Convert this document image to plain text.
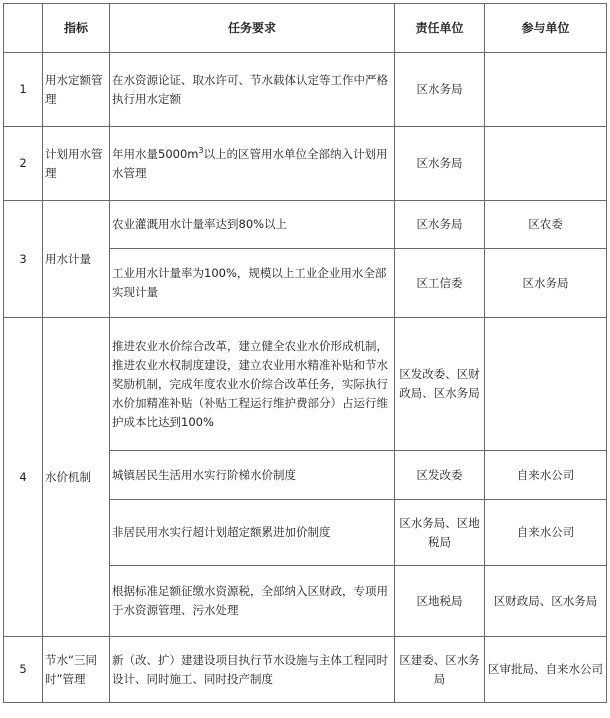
	指标	任务要求	责任单位	参与单位
1	用水定额管理	在水资源论证、取水许可、节水载体认定等工作中严格执行用水定额	区水务局	
2	计划用水管理	年用水量$5000m^3$以上的区管用水单位全部纳入计划用水管理	区水务局	
3	用水计量	农业灌溉用水计量率达到80%以上	区水务局	区农委
		工业用水计量率为100%，规模以上工业企业用水全部实现计量	区工信委	区水务局
4	水价机制	推进农业水价综合改革，建立健全农业水价形成机制，推进农业水权制度建设，建立农业用水精准补贴和节水奖励机制，完成年度农业水价综合改革任务，实际执行水价加精准补贴（补贴工程运行维护费部分）占运行维护成本比达到100%	区发改委、区财政局、区水务局	
		城镇居民生活用水实行阶梯水价制度	区发改委	自来水公司
		非居民用水实行超计划超定额累进加价制度	区水务局、区地税局	自来水公司
		根据标准足额征缴水资源税，全部纳入区财政，专项用于水资源管理、污水处理	区地税局	区财政局、区水务局
5	节水“三同时”管理	新（改、扩）建建设项目执行节水设施与主体工程同时设计、同时施工、同时投产制度	区建委、区水务局	区审批局、自来水公司
